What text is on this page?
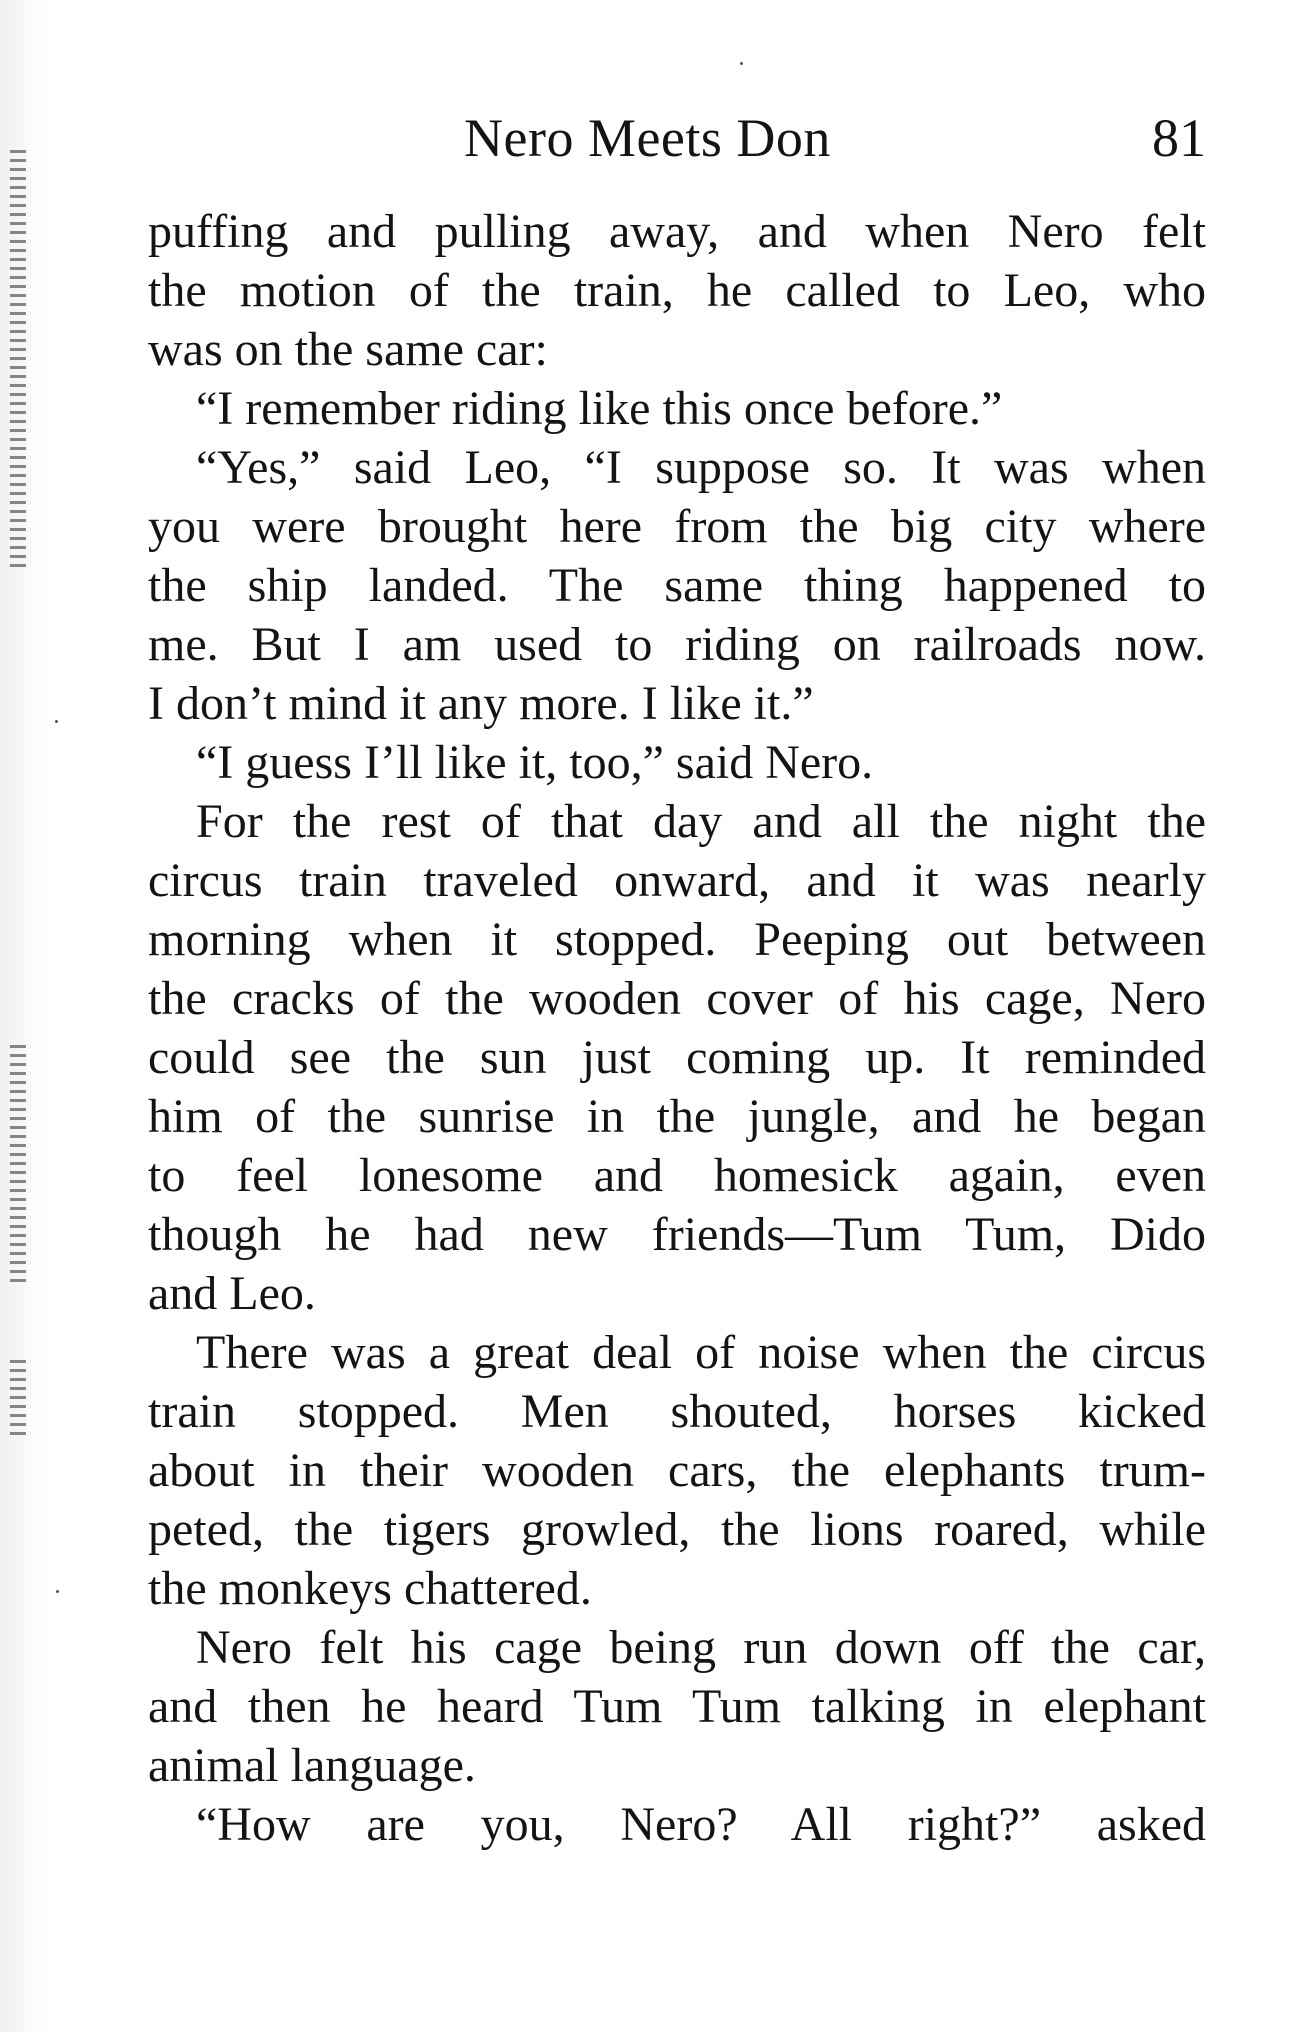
Nero Meets Don	81
puffing and pulling away, and when Nero felt
the motion of the train, he called to Leo, who
was on the same car:
“I remember riding like this once before.”
“Yes,” said Leo, “I suppose so. It was when
you were brought here from the big city where
the ship landed. The same thing happened to
me. But I am used to riding on railroads now.
I don’t mind it any more. I like it.”
“I guess I’ll like it, too,” said Nero.
For the rest of that day and all the night the
circus train traveled onward, and it was nearly
morning when it stopped. Peeping out between
the cracks of the wooden cover of his cage, Nero
could see the sun just coming up. It reminded
him of the sunrise in the jungle, and he began
to feel lonesome and homesick again, even
though he had new friends—Tum Tum, Dido
and Leo.
There was a great deal of noise when the circus
train stopped. Men shouted, horses kicked
about in their wooden cars, the elephants trum-
peted, the tigers growled, the lions roared, while
the monkeys chattered.
Nero felt his cage being run down off the car,
and then he heard Tum Tum talking in elephant
animal language.
“How are you, Nero? All right?” asked
